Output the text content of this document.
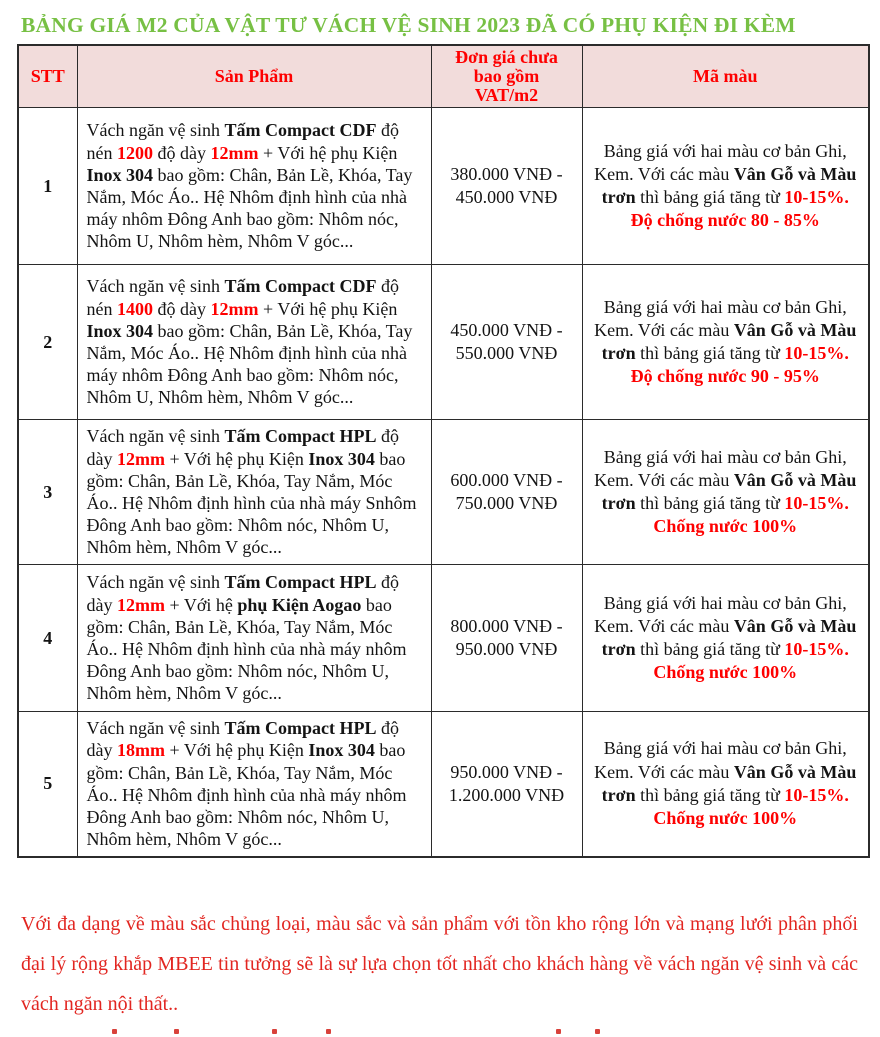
BẢNG GIÁ M2 CỦA VẬT TƯ VÁCH VỆ SINH 2023 ĐÃ CÓ PHỤ KIỆN ĐI KÈM
STT	Sản Phẩm	Đơn giá chưa bao gồm VAT/m2	Mã màu
1	Vách ngăn vệ sinh Tấm Compact CDF độ nén 1200 độ dày 12mm + Với hệ phụ Kiện Inox 304 bao gồm: Chân, Bản Lề, Khóa, Tay Nắm, Móc Áo.. Hệ Nhôm định hình của nhà máy nhôm Đông Anh bao gồm: Nhôm nóc, Nhôm U, Nhôm hèm, Nhôm V góc...	380.000 VNĐ - 450.000 VNĐ	Bảng giá với hai màu cơ bản Ghi, Kem. Với các màu Vân Gỗ và Màu trơn thì bảng giá tăng từ 10-15%. Độ chống nước 80 - 85%
2	Vách ngăn vệ sinh Tấm Compact CDF độ nén 1400 độ dày 12mm + Với hệ phụ Kiện Inox 304 bao gồm: Chân, Bản Lề, Khóa, Tay Nắm, Móc Áo.. Hệ Nhôm định hình của nhà máy nhôm Đông Anh bao gồm: Nhôm nóc, Nhôm U, Nhôm hèm, Nhôm V góc...	450.000 VNĐ - 550.000 VNĐ	Bảng giá với hai màu cơ bản Ghi, Kem. Với các màu Vân Gỗ và Màu trơn thì bảng giá tăng từ 10-15%. Độ chống nước 90 - 95%
3	Vách ngăn vệ sinh Tấm Compact HPL độ dày 12mm + Với hệ phụ Kiện Inox 304 bao gồm: Chân, Bản Lề, Khóa, Tay Nắm, Móc Áo.. Hệ Nhôm định hình của nhà máy Snhôm Đông Anh bao gồm: Nhôm nóc, Nhôm U, Nhôm hèm, Nhôm V góc...	600.000 VNĐ - 750.000 VNĐ	Bảng giá với hai màu cơ bản Ghi, Kem. Với các màu Vân Gỗ và Màu trơn thì bảng giá tăng từ 10-15%. Chống nước 100%
4	Vách ngăn vệ sinh Tấm Compact HPL độ dày 12mm + Với hệ phụ Kiện Aogao bao gồm: Chân, Bản Lề, Khóa, Tay Nắm, Móc Áo.. Hệ Nhôm định hình của nhà máy nhôm Đông Anh bao gồm: Nhôm nóc, Nhôm U, Nhôm hèm, Nhôm V góc...	800.000 VNĐ - 950.000 VNĐ	Bảng giá với hai màu cơ bản Ghi, Kem. Với các màu Vân Gỗ và Màu trơn thì bảng giá tăng từ 10-15%. Chống nước 100%
5	Vách ngăn vệ sinh Tấm Compact HPL độ dày 18mm + Với hệ phụ Kiện Inox 304 bao gồm: Chân, Bản Lề, Khóa, Tay Nắm, Móc Áo.. Hệ Nhôm định hình của nhà máy nhôm Đông Anh bao gồm: Nhôm nóc, Nhôm U, Nhôm hèm, Nhôm V góc...	950.000 VNĐ - 1.200.000 VNĐ	Bảng giá với hai màu cơ bản Ghi, Kem. Với các màu Vân Gỗ và Màu trơn thì bảng giá tăng từ 10-15%. Chống nước 100%
Với đa dạng về màu sắc chủng loại, màu sắc và sản phẩm với tồn kho rộng lớn và mạng lưới phân phối đại lý rộng khắp MBEE tin tưởng sẽ là sự lựa chọn tốt nhất cho khách hàng về vách ngăn vệ sinh và các vách ngăn nội thất..
